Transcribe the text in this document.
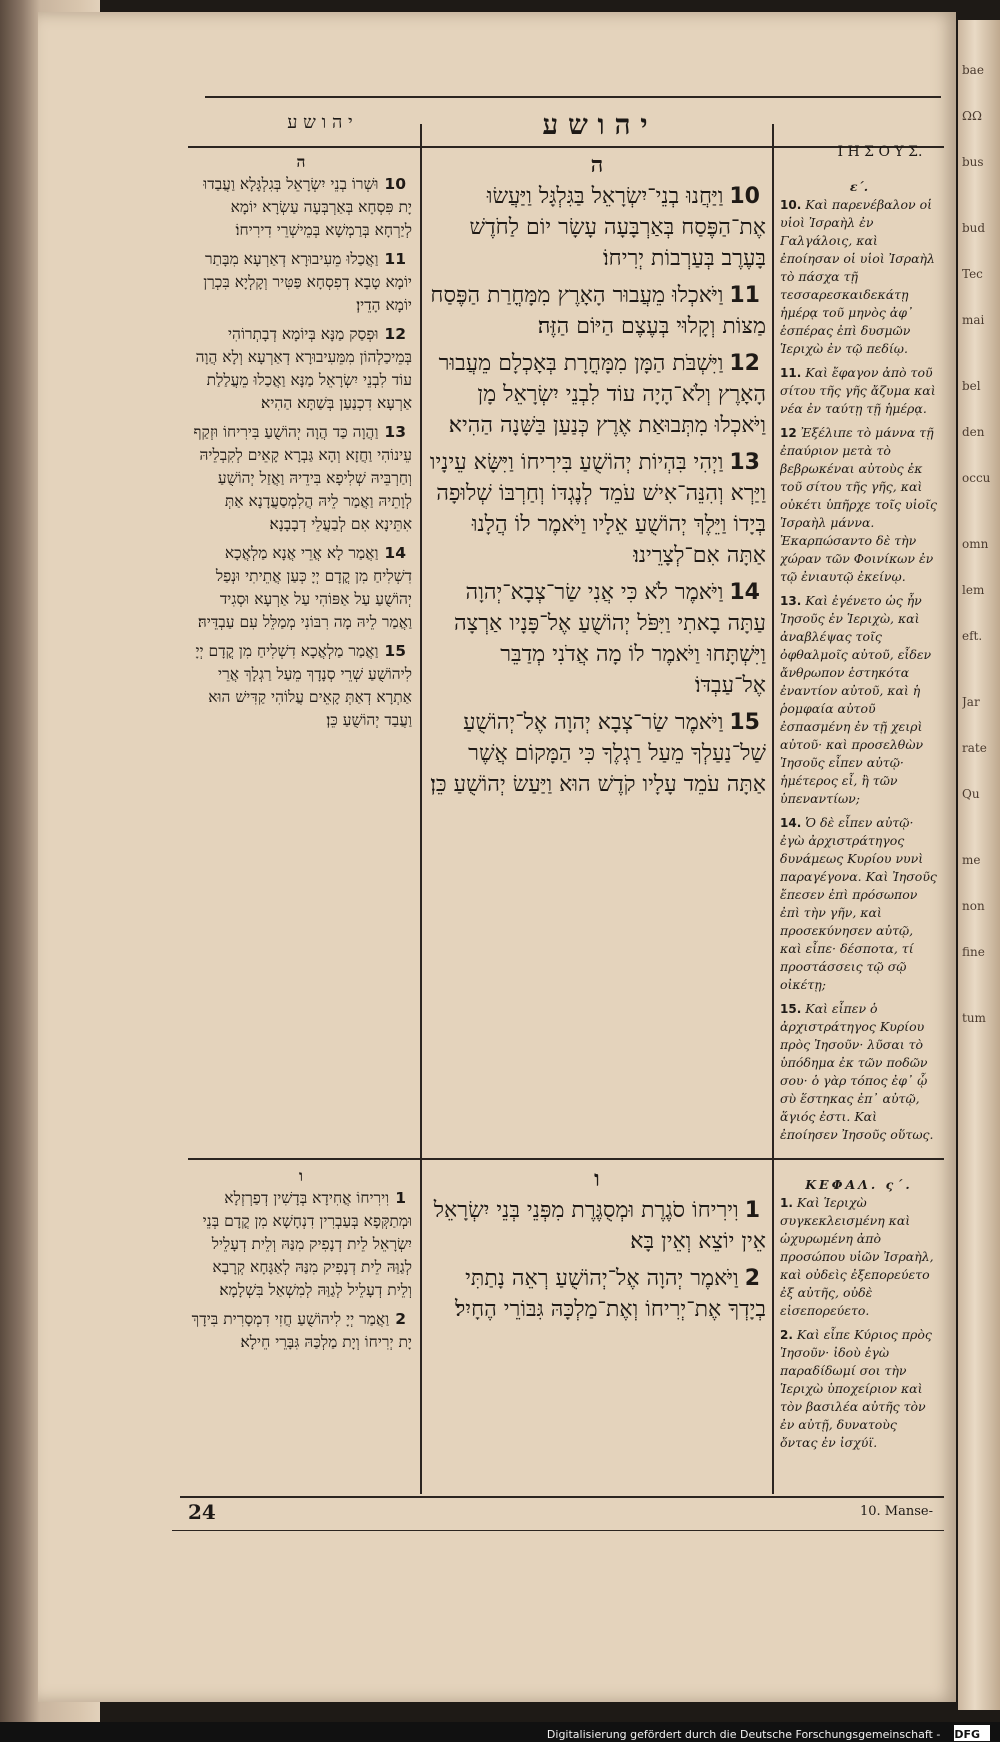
bae
ΩΩ
bus
bud
Tec
mai
bel
den
occu
omn
lem
eft.
Jar
rate
Qu
me
non
fine
tum
י ה ו ש ע	י ה ו ש ע
Ι Η Σ Ο Υ Σ.
ה
10וּשְׁרוֹ בְנֵי יִשְׂרָאֵל בְּגִלְגָּלָא וַעֲבַדוּ יָת פִּסְחָא בְּאַרְבְּעָה עַשְׂרָא יוֹמָא לְיַרְחָא בְּרַמְשָׁא בְּמֵישְׁרֵי דִירִיחוֹ׃
11וַאֲכַלוּ מֵעִיבוּרָא דְאַרְעָא מִבָּתַר יוֹמָא טָבָא דְפִסְחָא פַּטִּיר וְקָלְיָא בִּכְרַן יוֹמָא הָדֵין׃
12וּפְסַק מַנָּא בְּיוֹמָא דְבָתְרוֹהִי בְּמֵיכַלְהוֹן מִמֵּעִיבוּרָא דְאַרְעָא וְלָא הֲוָה עוֹד לִבְנֵי יִשְׂרָאֵל מַנָּא וַאֲכַלוּ מֵעֲלַלַת אַרְעָא דִכְנַעַן בְּשַׁתָּא הַהִיא׃
13וַהֲוָה כַּד הֲוָה יְהוֹשֻׁעַ בִּירִיחוֹ וּזְקַף עֵינוֹהִי וַחֲזָא וְהָא גַּבְרָא קָאֵים לְקִבְלֵיהּ וְחַרְבֵּיהּ שְׁלִיפָא בִּידֵיהּ וַאֲזַל יְהוֹשֻׁעַ לְוָתֵיהּ וַאֲמַר לֵיהּ הֲלִמְסַעֲדָנָא אַתְּ אִתֵּינָא אִם לְבַעֲלֵי דְבָבָנָא׃
14וַאֲמַר לָא אֲרֵי אֲנָא מַלְאֲכָא דִשְׁלִיחַ מִן קֳדָם יְיָ כְּעַן אֲתֵיתִי וּנְפַל יְהוֹשֻׁעַ עַל אַפּוֹהִי עַל אַרְעָא וּסְגִיד וַאֲמַר לֵיהּ מָה רִבּוֹנִי מְמַלֵּל עִם עַבְדֵּיהּ׃
15וַאֲמַר מַלְאֲכָא דִשְׁלִיחַ מִן קֳדָם יְיָ לִיהוֹשֻׁעַ שְׁרֵי סְנָדָךְ מֵעַל רַגְלָךְ אֲרֵי אַתְרָא דְאַתְּ קָאֵים עֲלוֹהִי קַדִּישׁ הוּא וַעֲבַד יְהוֹשֻׁעַ כֵּן׃
ה
10וַיַּחֲנוּ בְנֵי־יִשְׂרָאֵל בַּגִּלְגָּל וַיַּעֲשׂוּ אֶת־הַפֶּסַח בְּאַרְבָּעָה עָשָׂר יוֹם לַחֹדֶשׁ בָּעֶרֶב בְּעַרְבוֹת יְרִיחוֹ׃
11וַיֹּאכְלוּ מֵעֲבוּר הָאָרֶץ מִמָּחֳרַת הַפֶּסַח מַצּוֹת וְקָלוּי בְּעֶצֶם הַיּוֹם הַזֶּה׃
12וַיִּשְׁבֹּת הַמָּן מִמָּחֳרָת בְּאָכְלָם מֵעֲבוּר הָאָרֶץ וְלֹא־הָיָה עוֹד לִבְנֵי יִשְׂרָאֵל מָן וַיֹּאכְלוּ מִתְּבוּאַת אֶרֶץ כְּנַעַן בַּשָּׁנָה הַהִיא׃
13וַיְהִי בִּהְיוֹת יְהוֹשֻׁעַ בִּירִיחוֹ וַיִּשָּׂא עֵינָיו וַיַּרְא וְהִנֵּה־אִישׁ עֹמֵד לְנֶגְדּוֹ וְחַרְבּוֹ שְׁלוּפָה בְּיָדוֹ וַיֵּלֶךְ יְהוֹשֻׁעַ אֵלָיו וַיֹּאמֶר לוֹ הֲלָנוּ אַתָּה אִם־לְצָרֵינוּ׃
14וַיֹּאמֶר לֹא כִּי אֲנִי שַׂר־צְבָא־יְהוָה עַתָּה בָאתִי וַיִּפֹּל יְהוֹשֻׁעַ אֶל־פָּנָיו אַרְצָה וַיִּשְׁתָּחוּ וַיֹּאמֶר לוֹ מָה אֲדֹנִי מְדַבֵּר אֶל־עַבְדּוֹ׃
15וַיֹּאמֶר שַׂר־צְבָא יְהוָה אֶל־יְהוֹשֻׁעַ שַׁל־נַעַלְךָ מֵעַל רַגְלֶךָ כִּי הַמָּקוֹם אֲשֶׁר אַתָּה עֹמֵד עָלָיו קֹדֶשׁ הוּא וַיַּעַשׂ יְהוֹשֻׁעַ כֵּן׃
ε´.
10. Καὶ παρενέβαλον οἱ υἱοὶ Ἰσραὴλ ἐν Γαλγάλοις, καὶ ἐποίησαν οἱ υἱοὶ Ἰσραὴλ τὸ πάσχα τῇ τεσσαρεσκαιδεκάτῃ ἡμέρᾳ τοῦ μηνὸς ἀφ᾽ ἑσπέρας ἐπὶ δυσμῶν Ἱεριχὼ ἐν τῷ πεδίῳ.
11. Καὶ ἔφαγον ἀπὸ τοῦ σίτου τῆς γῆς ἄζυμα καὶ νέα ἐν ταύτῃ τῇ ἡμέρᾳ.
12 Ἐξέλιπε τὸ μάννα τῇ ἐπαύριον μετὰ τὸ βεβρωκέναι αὐτοὺς ἐκ τοῦ σίτου τῆς γῆς, καὶ οὐκέτι ὑπῆρχε τοῖς υἱοῖς Ἰσραὴλ μάννα. Ἐκαρπώσαντο δὲ τὴν χώραν τῶν Φοινίκων ἐν τῷ ἐνιαυτῷ ἐκείνῳ.
13. Καὶ ἐγένετο ὡς ἦν Ἰησοῦς ἐν Ἱεριχὼ, καὶ ἀναβλέψας τοῖς ὀφθαλμοῖς αὐτοῦ, εἶδεν ἄνθρωπον ἑστηκότα ἐναντίον αὐτοῦ, καὶ ἡ ῥομφαία αὐτοῦ ἐσπασμένη ἐν τῇ χειρὶ αὐτοῦ· καὶ προσελθὼν Ἰησοῦς εἶπεν αὐτῷ· ἡμέτερος εἶ, ἢ τῶν ὑπεναντίων;
14. Ὁ δὲ εἶπεν αὐτῷ· ἐγὼ ἀρχιστράτηγος δυνάμεως Κυρίου νυνὶ παραγέγονα. Καὶ Ἰησοῦς ἔπεσεν ἐπὶ πρόσωπον ἐπὶ τὴν γῆν, καὶ προσεκύνησεν αὐτῷ, καὶ εἶπε· δέσποτα, τί προστάσσεις τῷ σῷ οἰκέτῃ;
15. Καὶ εἶπεν ὁ ἀρχιστράτηγος Κυρίου πρὸς Ἰησοῦν· λῦσαι τὸ ὑπόδημα ἐκ τῶν ποδῶν σου· ὁ γὰρ τόπος ἐφ᾽ ᾧ σὺ ἕστηκας ἐπ᾽ αὐτῷ, ἅγιός ἐστι. Καὶ ἐποίησεν Ἰησοῦς οὕτως.
ו
1וִירִיחוֹ אֲחִידָא בְּדָשִׁין דְפַרְזְלָא וּמְתַקְּפָא בְּעַבְרִין דִנְחָשָׁא מִן קֳדָם בְּנֵי יִשְׂרָאֵל לֵית דְנָפִיק מִנַּהּ וְלֵית דְעָלֵיל לְגַוַּהּ לֵית דְנָפִיק מִנַּהּ לְאַגָּחָא קְרָבָא וְלֵית דְעָלֵיל לְגַוַּהּ לְמִשְׁאַל בִּשְׁלָמָא׃
2וַאֲמַר יְיָ לִיהוֹשֻׁעַ חֲזִי דִמְסָרִית בִּידָךְ יָת יְרִיחוֹ וְיָת מַלְכַּהּ גִּבָּרֵי חֵילָא׃
ו
1וִירִיחוֹ סֹגֶרֶת וּמְסֻגֶּרֶת מִפְּנֵי בְּנֵי יִשְׂרָאֵל אֵין יוֹצֵא וְאֵין בָּא׃
2וַיֹּאמֶר יְהוָה אֶל־יְהוֹשֻׁעַ רְאֵה נָתַתִּי בְיָדְךָ אֶת־יְרִיחוֹ וְאֶת־מַלְכָּהּ גִּבּוֹרֵי הֶחָיִל׃
ΚΕΦΑΛ. ς´.
1. Καὶ Ἱεριχὼ συγκεκλεισμένη καὶ ὠχυρωμένη ἀπὸ προσώπου υἱῶν Ἰσραὴλ, καὶ οὐδεὶς ἐξεπορεύετο ἐξ αὐτῆς, οὐδὲ εἰσεπορεύετο.
2. Καὶ εἶπε Κύριος πρὸς Ἰησοῦν· ἰδοὺ ἐγὼ παραδίδωμί σοι τὴν Ἱεριχὼ ὑποχείριον καὶ τὸν βασιλέα αὐτῆς τὸν ἐν αὐτῇ, δυνατοὺς ὄντας ἐν ἰσχύϊ.
24	10. Manse-
Digitalisierung gefördert durch die Deutsche Forschungsgemeinschaft - DFG
